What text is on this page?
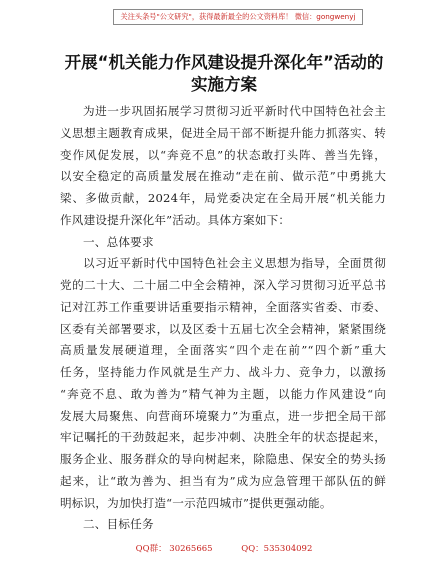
关注头条号"公文研究"，获得最新最全的公文资料库！ 微信：gongwenyj
开展“机关能力作风建设提升深化年”活动的
实施方案
为进一步巩固拓展学习贯彻习近平新时代中国特色社会主
义思想主题教育成果，促进全局干部不断提升能力抓落实、转
变作风促发展，以“奔竞不息”的状态敢打头阵、善当先锋，
以安全稳定的高质量发展在推动“走在前、做示范”中勇挑大
梁、多做贡献，2024年，局党委决定在全局开展“机关能力
作风建设提升深化年”活动。具体方案如下：
一、总体要求
以习近平新时代中国特色社会主义思想为指导，全面贯彻
党的二十大、二十届二中全会精神，深入学习贯彻习近平总书
记对江苏工作重要讲话重要指示精神，全面落实省委、市委、
区委有关部署要求，以及区委十五届七次全会精神，紧紧围绕
高质量发展硬道理，全面落实“四个走在前”“四个新”重大
任务，坚持能力作风就是生产力、战斗力、竞争力，以激扬
“奔竞不息、敢为善为”精气神为主题，以能力作风建设“向
发展大局聚焦、向营商环境聚力”为重点，进一步把全局干部
牢记嘱托的干劲鼓起来，起步冲刺、决胜全年的状态提起来，
服务企业、服务群众的导向树起来，除隐患、保安全的势头扬
起来，让“敢为善为、担当有为”成为应急管理干部队伍的鲜
明标识，为加快打造“一示范四城市”提供更强动能。
二、目标任务
QQ群： 30265665	QQ：535304092
